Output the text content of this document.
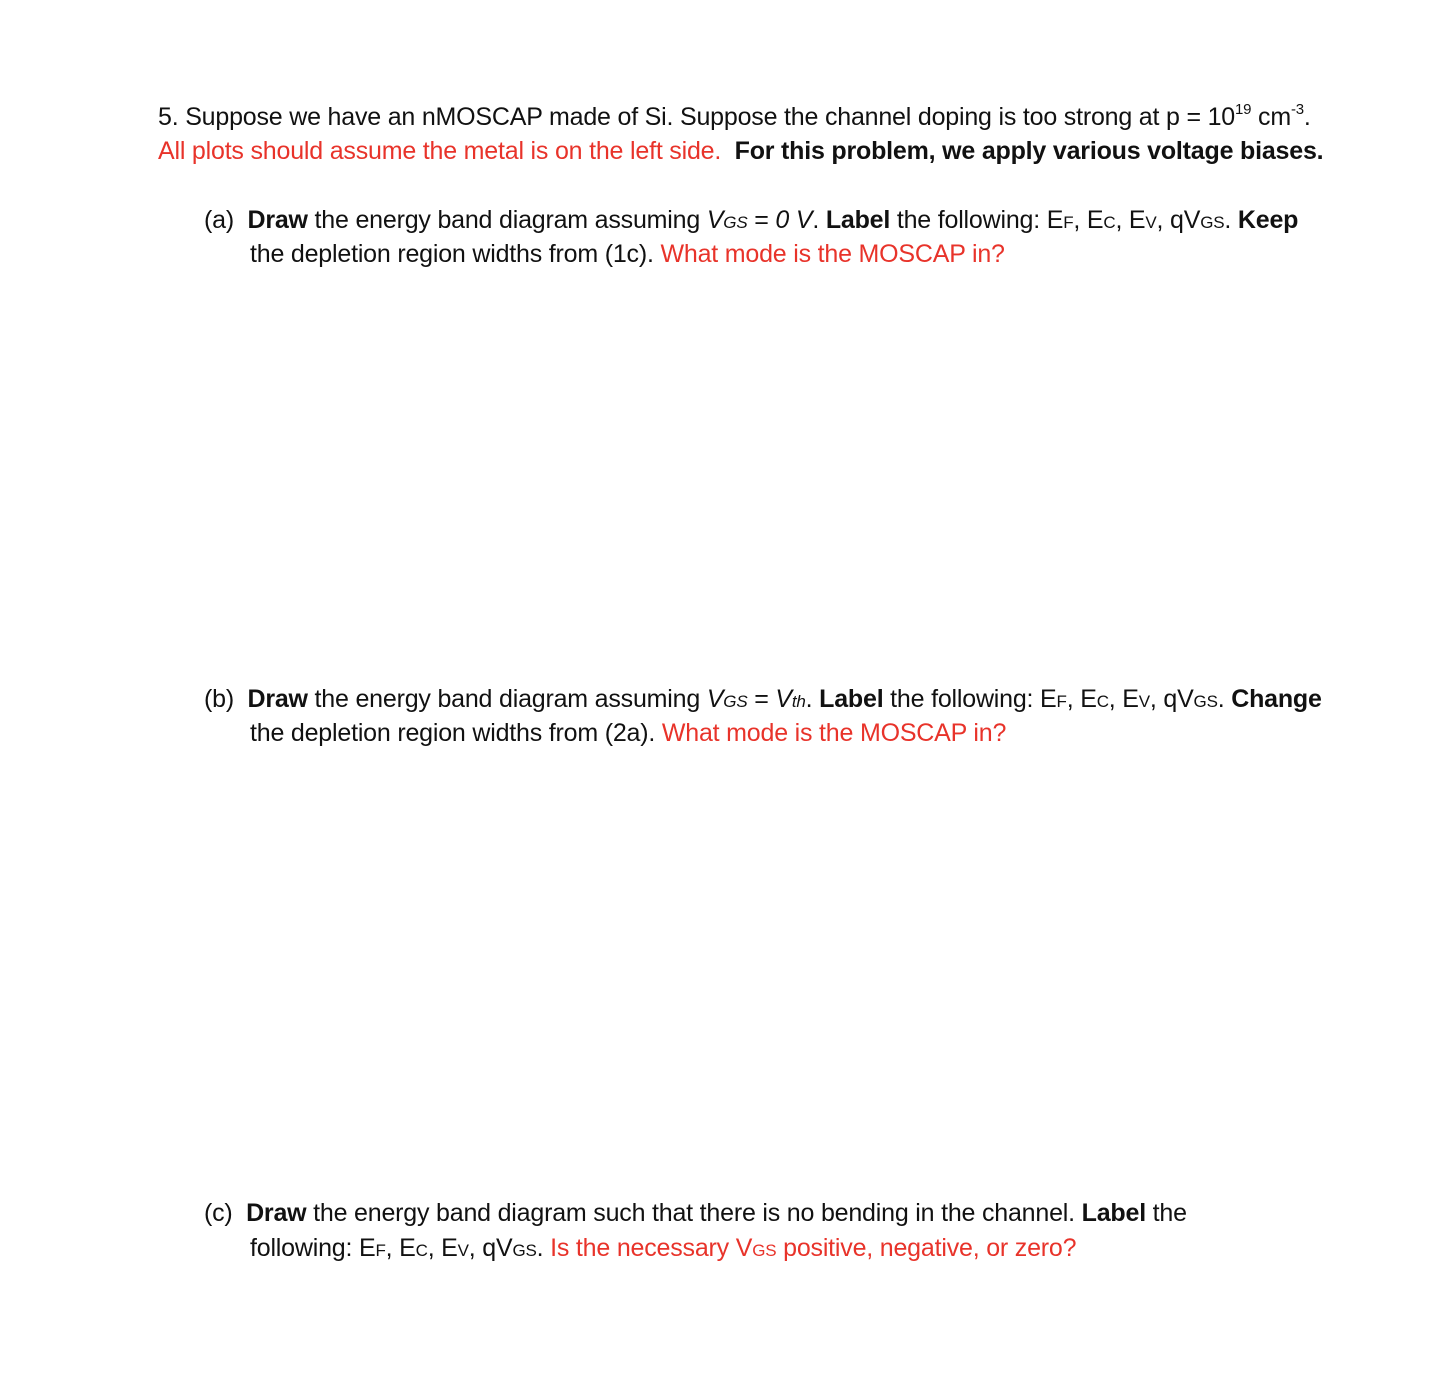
5. Suppose we have an nMOSCAP made of Si. Suppose the channel doping is too strong at $p = 10^{19}$ $cm^{-3}$.
All plots should assume the metal is on the left side. For this problem, we apply various voltage biases.
(a) Draw the energy band diagram assuming VGS = 0 V. Label the following: EF, EC, EV, qVGS. Keep
the depletion region widths from (1c). What mode is the MOSCAP in?
(b) Draw the energy band diagram assuming VGS = Vth. Label the following: EF, EC, EV, qVGS. Change
the depletion region widths from (2a). What mode is the MOSCAP in?
(c) Draw the energy band diagram such that there is no bending in the channel. Label the
following: EF, EC, EV, qVGS. Is the necessary VGS positive, negative, or zero?
